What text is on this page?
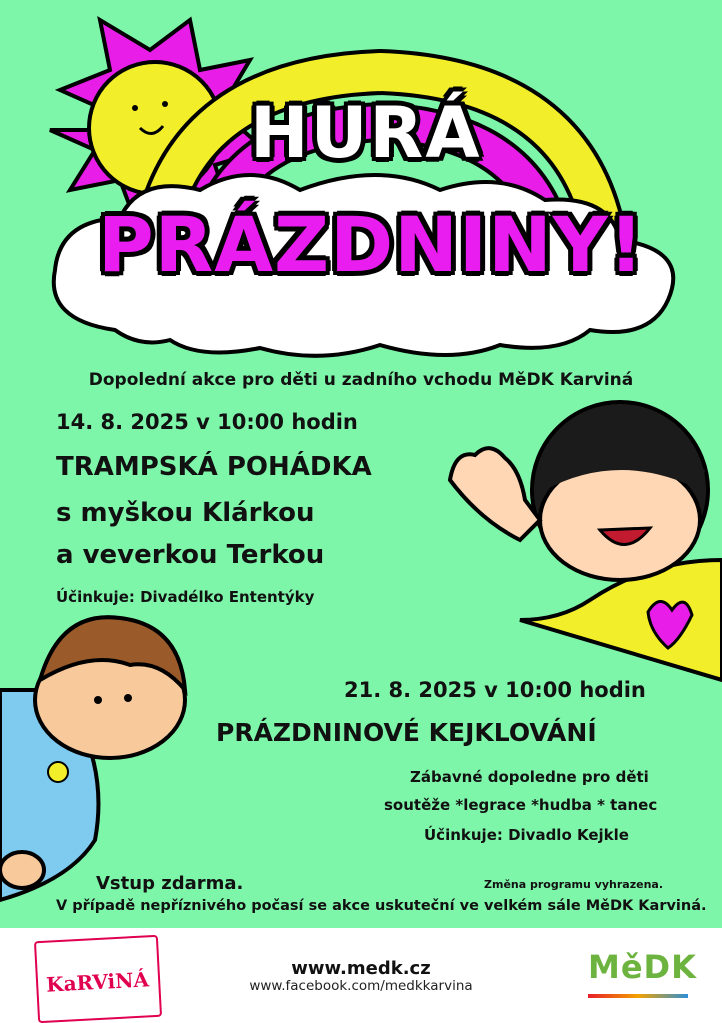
HURÁ
PRÁZDNINY!
Dopolední akce pro děti u zadního vchodu MěDK Karviná
14. 8. 2025 v 10:00 hodin
TRAMPSKÁ POHÁDKA
s myškou Klárkou
a veverkou Terkou
Účinkuje: Divadélko Ententýky
21. 8. 2025 v 10:00 hodin
PRÁZDNINOVÉ KEJKLOVÁNÍ
Zábavné dopoledne pro děti
soutěže *legrace *hudba * tanec
Účinkuje: Divadlo Kejkle
Vstup zdarma.	Změna programu vyhrazena.
V případě nepříznivého počasí se akce uskuteční ve velkém sále MěDK Karviná.
KaRViNÁ	MěDK
www.medk.cz
www.facebook.com/medkkarvina
